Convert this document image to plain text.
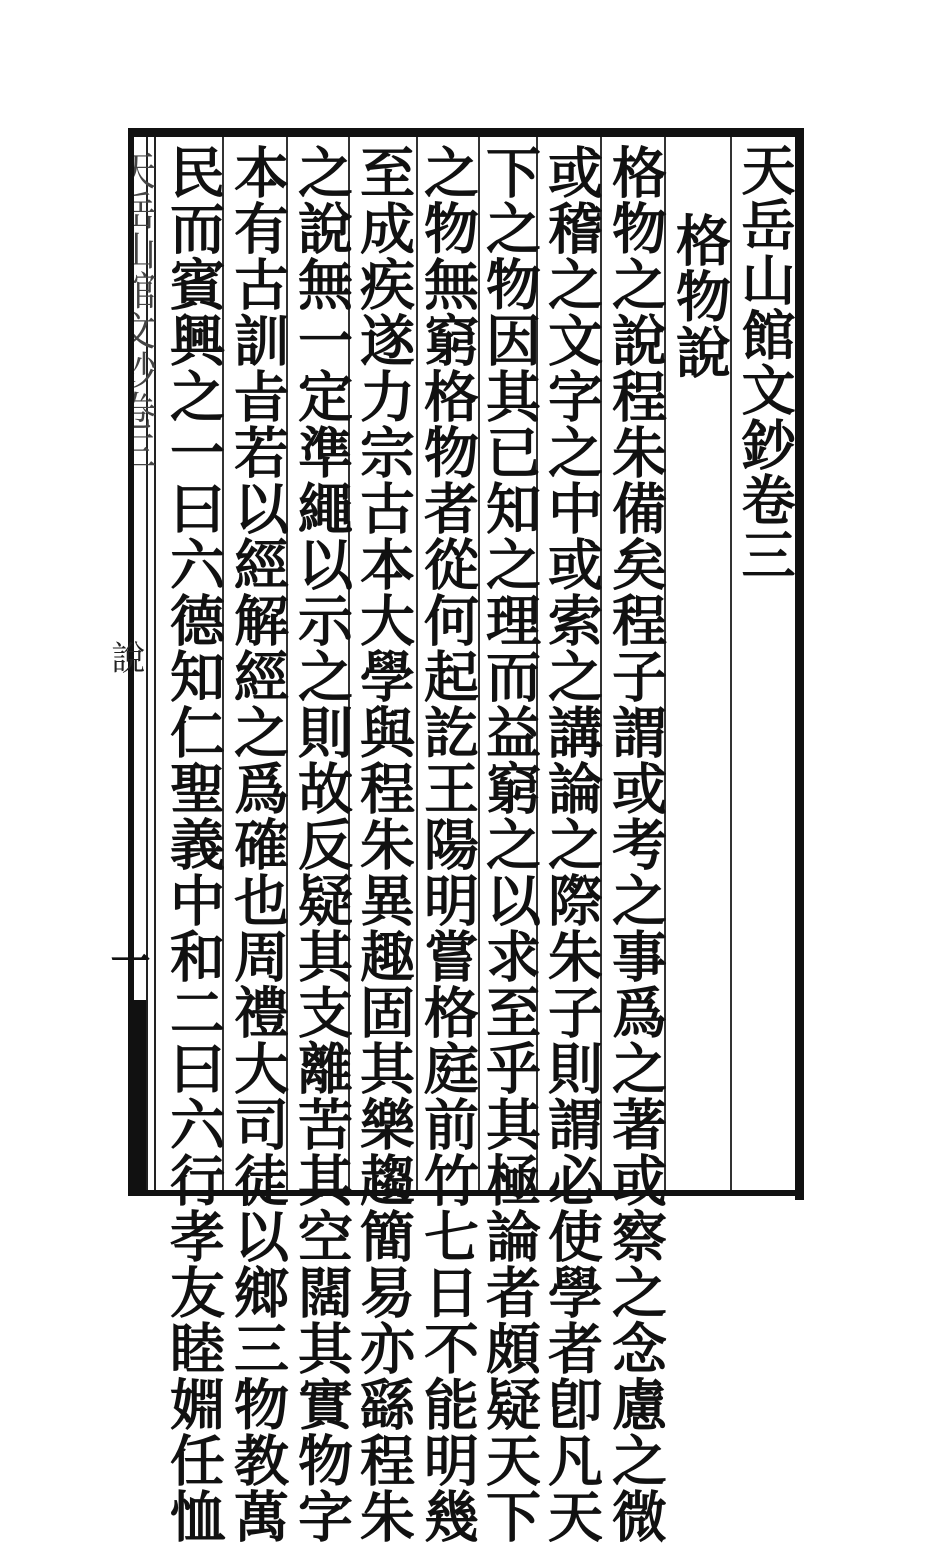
天岳山館文鈔卷三
格物說
格物之說程朱備矣程子謂或考之事爲之著或察之念慮之微
或稽之文字之中或索之講論之際朱子則謂必使學者卽凡天
下之物因其已知之理而益窮之以求至乎其極論者頗疑天下
之物無窮格物者從何起訖王陽明嘗格庭前竹七日不能明幾
至成疾遂力宗古本大學與程朱異趣固其樂趨簡易亦繇程朱
之說無一定準繩以示之則故反疑其支離苦其空闊其實物字
本有古訓㫖若以經解經之爲確也周禮大司徒以鄉三物教萬
民而賓興之一曰六德知仁聖義中和二曰六行孝友睦婣任恤
說
一
